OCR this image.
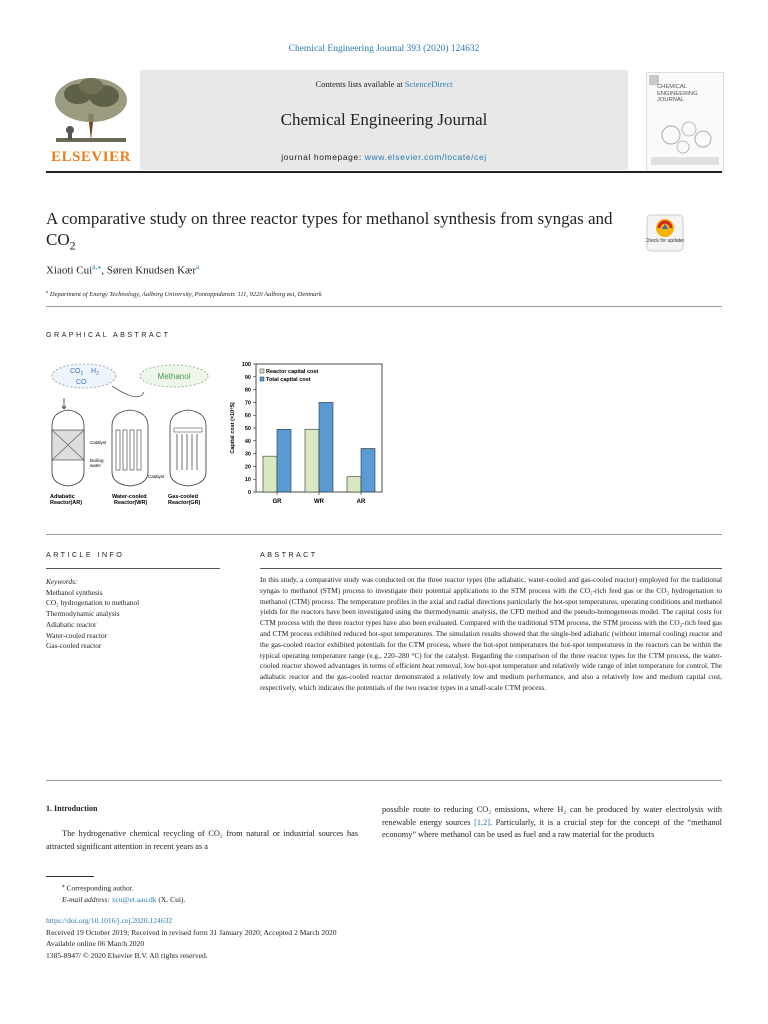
Chemical Engineering Journal 393 (2020) 124632
ELSEVIER
Contents lists available at ScienceDirect
Chemical Engineering Journal
journal homepage: www.elsevier.com/locate/cej
CHEMICAL
ENGINEERING
JOURNAL
A comparative study on three reactor types for methanol synthesis from syngas and $CO_2$	Check for updates
Xiaoti Cui$^{a,⁎}$, Søren Knudsen Kær$^a$
$^a$ Department of Energy Technology, Aalborg University, Pontoppidanstr. 111, 9220 Aalborg øst, Denmark
GRAPHICAL ABSTRACT
$CO_2$ $H_2$
CO
Methanol
Catalyst
Boiling water
Catalyst
Adiabatic Reactor(AR)
Water-cooled Reactor(WR)
Gas-cooled Reactor(GR)
0
10
20
30
40
50
60
70
80
90
100
Capital cost (×10⁶$)
GR	WR	AR
Reactor capital cost
Total capital cost
ARTICLE INFO	ABSTRACT
Keywords:
Methanol synthesis
CO₂ hydrogenation to methanol
Thermodynamic analysis
Adiabatic reactor
Water-cooled reactor
Gas-cooled reactor
In this study, a comparative study was conducted on the three reactor types (the adiabatic, water-cooled and gas-cooled reactor) employed for the traditional syngas to methanol (STM) process to investigate their potential applications to the STM process with the CO₂-rich feed gas or the CO₂ hydrogenation to methanol (CTM) process. The temperature profiles in the axial and radial directions particularly the hot-spot temperatures, operating conditions and methanol yields for the reactors have been investigated using the thermodynamic analysis, the CFD method and the pseudo-homogeneous model. The capital costs for CTM process with the three reactor types have also been evaluated. Compared with the traditional STM process, the STM process with the CO₂-rich feed gas and CTM process exhibited reduced hot-spot temperatures. The simulation results showed that the single-bed adiabatic (without internal cooling) reactor and the gas-cooled reactor exhibited potentials for the CTM process, where the hot-spot temperatures the hot-spot temperatures in the reactors can be within the typical operating temperature range (e.g., 220–280 °C) for the catalyst. Regarding the comparison of the three reactor types for the CTM process, the water-cooled reactor showed advantages in terms of efficient heat removal, low hot-spot temperature and relatively wide range of inlet temperature for control. The adiabatic reactor and the gas-cooled reactor demonstrated a relatively low and medium performance, and also a relatively low and medium capital cost, respectively, which indicates the potentials of the two reactor types in a small-scale CTM process.
1. Introduction
The hydrogenative chemical recycling of CO₂ from natural or industrial sources has attracted significant attention in recent years as a
possible route to reducing CO₂ emissions, where H₂ can be produced by water electrolysis with renewable energy sources [1,2]. Particularly, it is a crucial step for the concept of the “methanol economy” where methanol can be used as fuel and a raw material for the products
⁎ Corresponding author.
E-mail address: xcu@et.aau.dk (X. Cui).
https://doi.org/10.1016/j.cej.2020.124632
Received 19 October 2019; Received in revised form 31 January 2020; Accepted 2 March 2020
Available online 06 March 2020
1385-8947/ © 2020 Elsevier B.V. All rights reserved.
